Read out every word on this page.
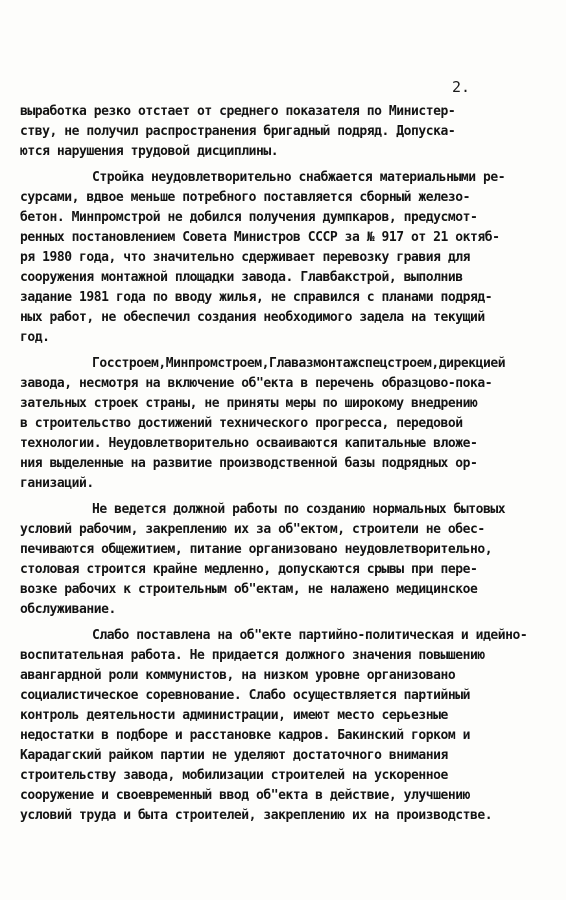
2.
выработка резко отстает от среднего показателя по Министер-
ству, не получил распространения бригадный подряд. Допуска-
ются нарушения трудовой дисциплины.
Стройка неудовлетворительно снабжается материальными ре-
сурсами, вдвое меньше потребного поставляется сборный железо-
бетон. Минпромстрой не добился получения думпкаров, предусмот-
ренных постановлением Совета Министров СССР за № 917 от 21 октяб-
ря 1980 года, что значительно сдерживает перевозку гравия для
сооружения монтажной площадки завода. Главбакстрой, выполнив
задание 1981 года по вводу жилья, не справился с планами подряд-
ных работ, не обеспечил создания необходимого задела на текущий
год.
Госстроем,Минпромстроем,Главазмонтажспецстроем,дирекцией
завода, несмотря на включение об"екта в перечень образцово-пока-
зательных строек страны, не приняты меры по широкому внедрению
в строительство достижений технического прогресса, передовой
технологии. Неудовлетворительно осваиваются капитальные вложе-
ния выделенные на развитие производственной базы подрядных ор-
ганизаций.
Не ведется должной работы по созданию нормальных бытовых
условий рабочим, закреплению их за об"ектом, строители не обес-
печиваются общежитием, питание организовано неудовлетворительно,
столовая строится крайне медленно, допускаются срывы при пере-
возке рабочих к строительным об"ектам, не налажено медицинское
обслуживание.
Слабо поставлена на об"екте партийно-политическая и идейно-
воспитательная работа. Не придается должного значения повышению
авангардной роли коммунистов, на низком уровне организовано
социалистическое соревнование. Слабо осуществляется партийный
контроль деятельности администрации, имеют место серьезные
недостатки в подборе и расстановке кадров. Бакинский горком и
Карадагский райком партии не уделяют достаточного внимания
строительству завода, мобилизации строителей на ускоренное
сооружение и своевременный ввод об"екта в действие, улучшению
условий труда и быта строителей, закреплению их на производстве.
